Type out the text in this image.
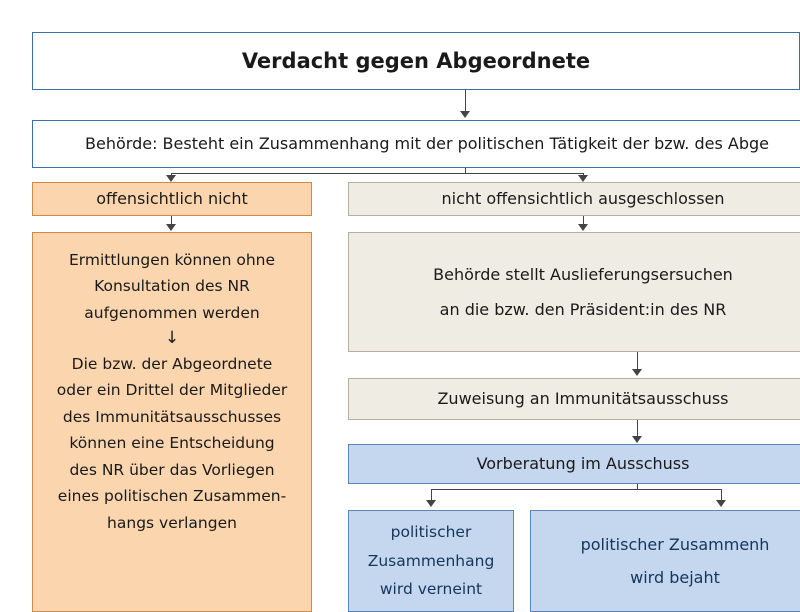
Verdacht gegen Abgeordnete
Behörde: Besteht ein Zusammenhang mit der politischen Tätigkeit der bzw. des Abge
offensichtlich nicht	nicht offensichtlich ausgeschlossen
Ermittlungen können ohne
Konsultation des NR
aufgenommen werden
↓
Die bzw. der Abgeordnete
oder ein Drittel der Mitglieder
des Immunitätsausschusses
können eine Entscheidung
des NR über das Vorliegen
eines politischen Zusammen-
hangs verlangen
Behörde stellt Auslieferungsersuchen
an die bzw. den Präsident:in des NR
Zuweisung an Immunitätsausschuss
Vorberatung im Ausschuss
politischer
Zusammenhang
wird verneint
politischer Zusammenh
wird bejaht
